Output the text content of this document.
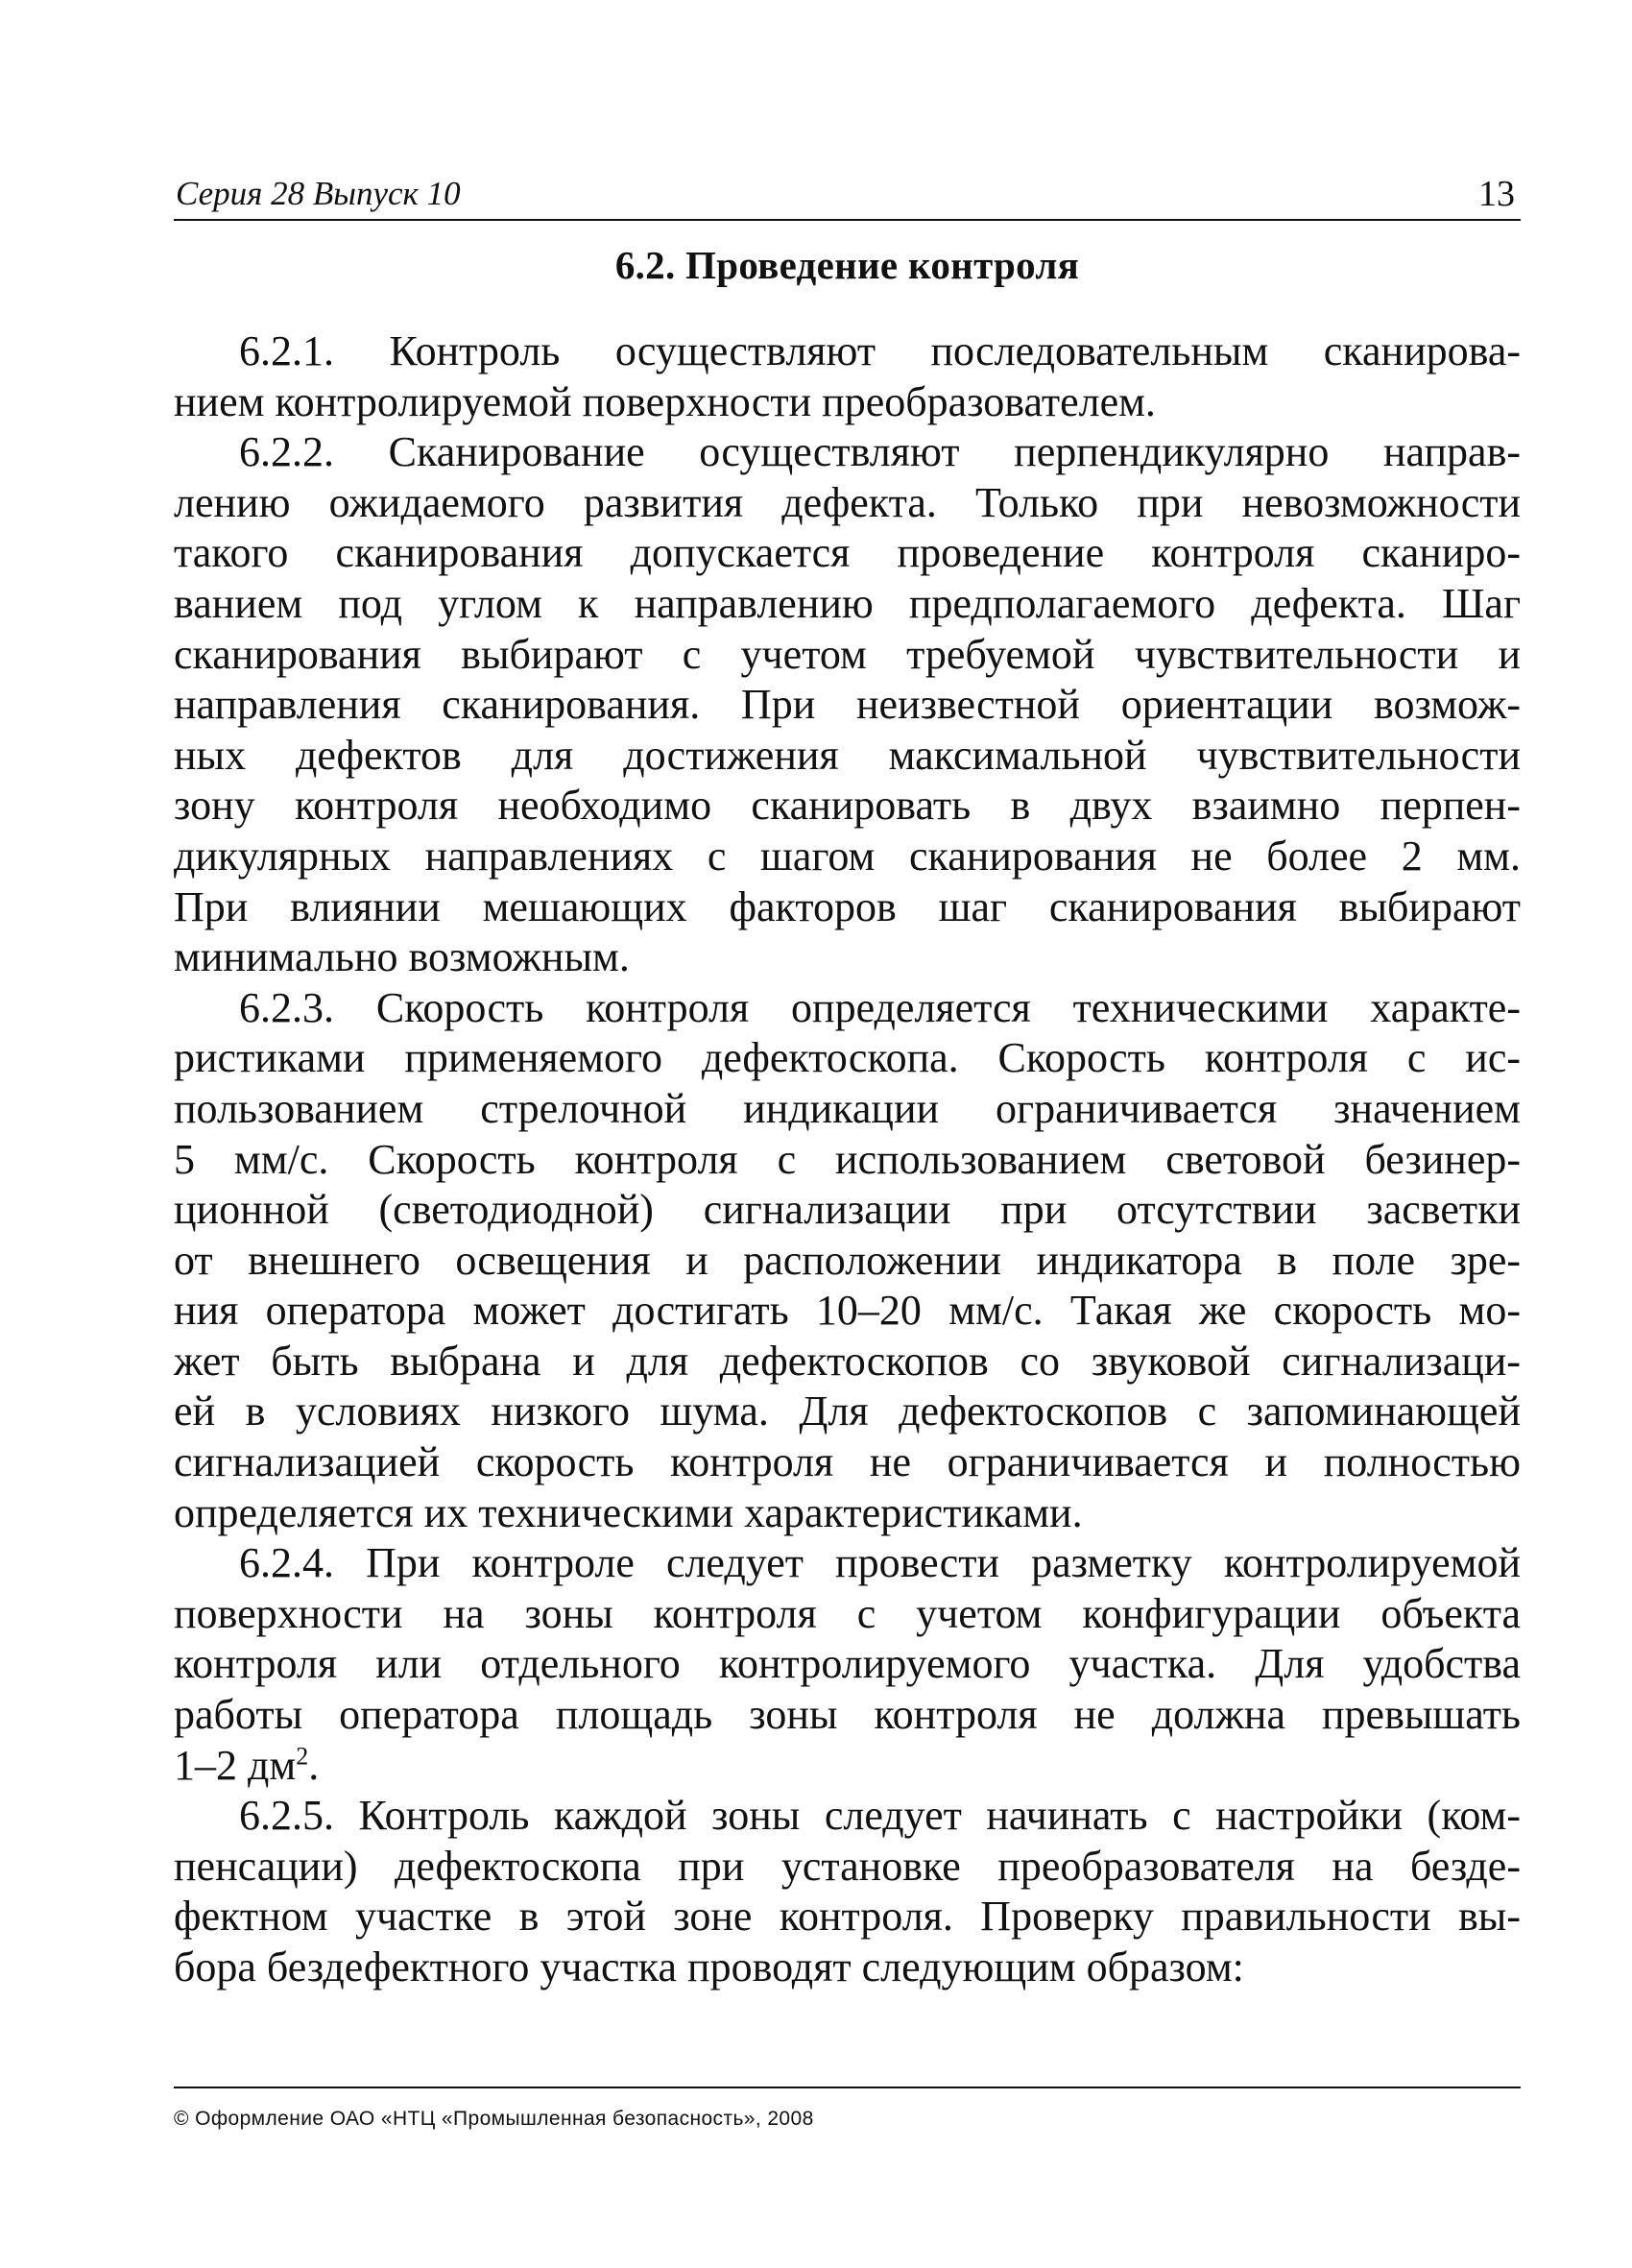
Серия 28 Выпуск 10	13
6.2. Проведение контроля
6.2.1. Контроль осуществляют последовательным сканирова-
нием контролируемой поверхности преобразователем.
6.2.2. Сканирование осуществляют перпендикулярно направ-
лению ожидаемого развития дефекта. Только при невозможности
такого сканирования допускается проведение контроля сканиро-
ванием под углом к направлению предполагаемого дефекта. Шаг
сканирования выбирают с учетом требуемой чувствительности и
направления сканирования. При неизвестной ориентации возмож-
ных дефектов для достижения максимальной чувствительности
зону контроля необходимо сканировать в двух взаимно перпен-
дикулярных направлениях с шагом сканирования не более 2 мм.
При влиянии мешающих факторов шаг сканирования выбирают
минимально возможным.
6.2.3. Скорость контроля определяется техническими характе-
ристиками применяемого дефектоскопа. Скорость контроля с ис-
пользованием стрелочной индикации ограничивается значением
5 мм/с. Скорость контроля с использованием световой безинер-
ционной (светодиодной) сигнализации при отсутствии засветки
от внешнего освещения и расположении индикатора в поле зре-
ния оператора может достигать 10–20 мм/с. Такая же скорость мо-
жет быть выбрана и для дефектоскопов со звуковой сигнализаци-
ей в условиях низкого шума. Для дефектоскопов с запоминающей
сигнализацией скорость контроля не ограничивается и полностью
определяется их техническими характеристиками.
6.2.4. При контроле следует провести разметку контролируемой
поверхности на зоны контроля с учетом конфигурации объекта
контроля или отдельного контролируемого участка. Для удобства
работы оператора площадь зоны контроля не должна превышать
1–2 $дм^2$.
6.2.5. Контроль каждой зоны следует начинать с настройки (ком-
пенсации) дефектоскопа при установке преобразователя на безде-
фектном участке в этой зоне контроля. Проверку правильности вы-
бора бездефектного участка проводят следующим образом:
© Оформление ОАО «НТЦ «Промышленная безопасность», 2008
